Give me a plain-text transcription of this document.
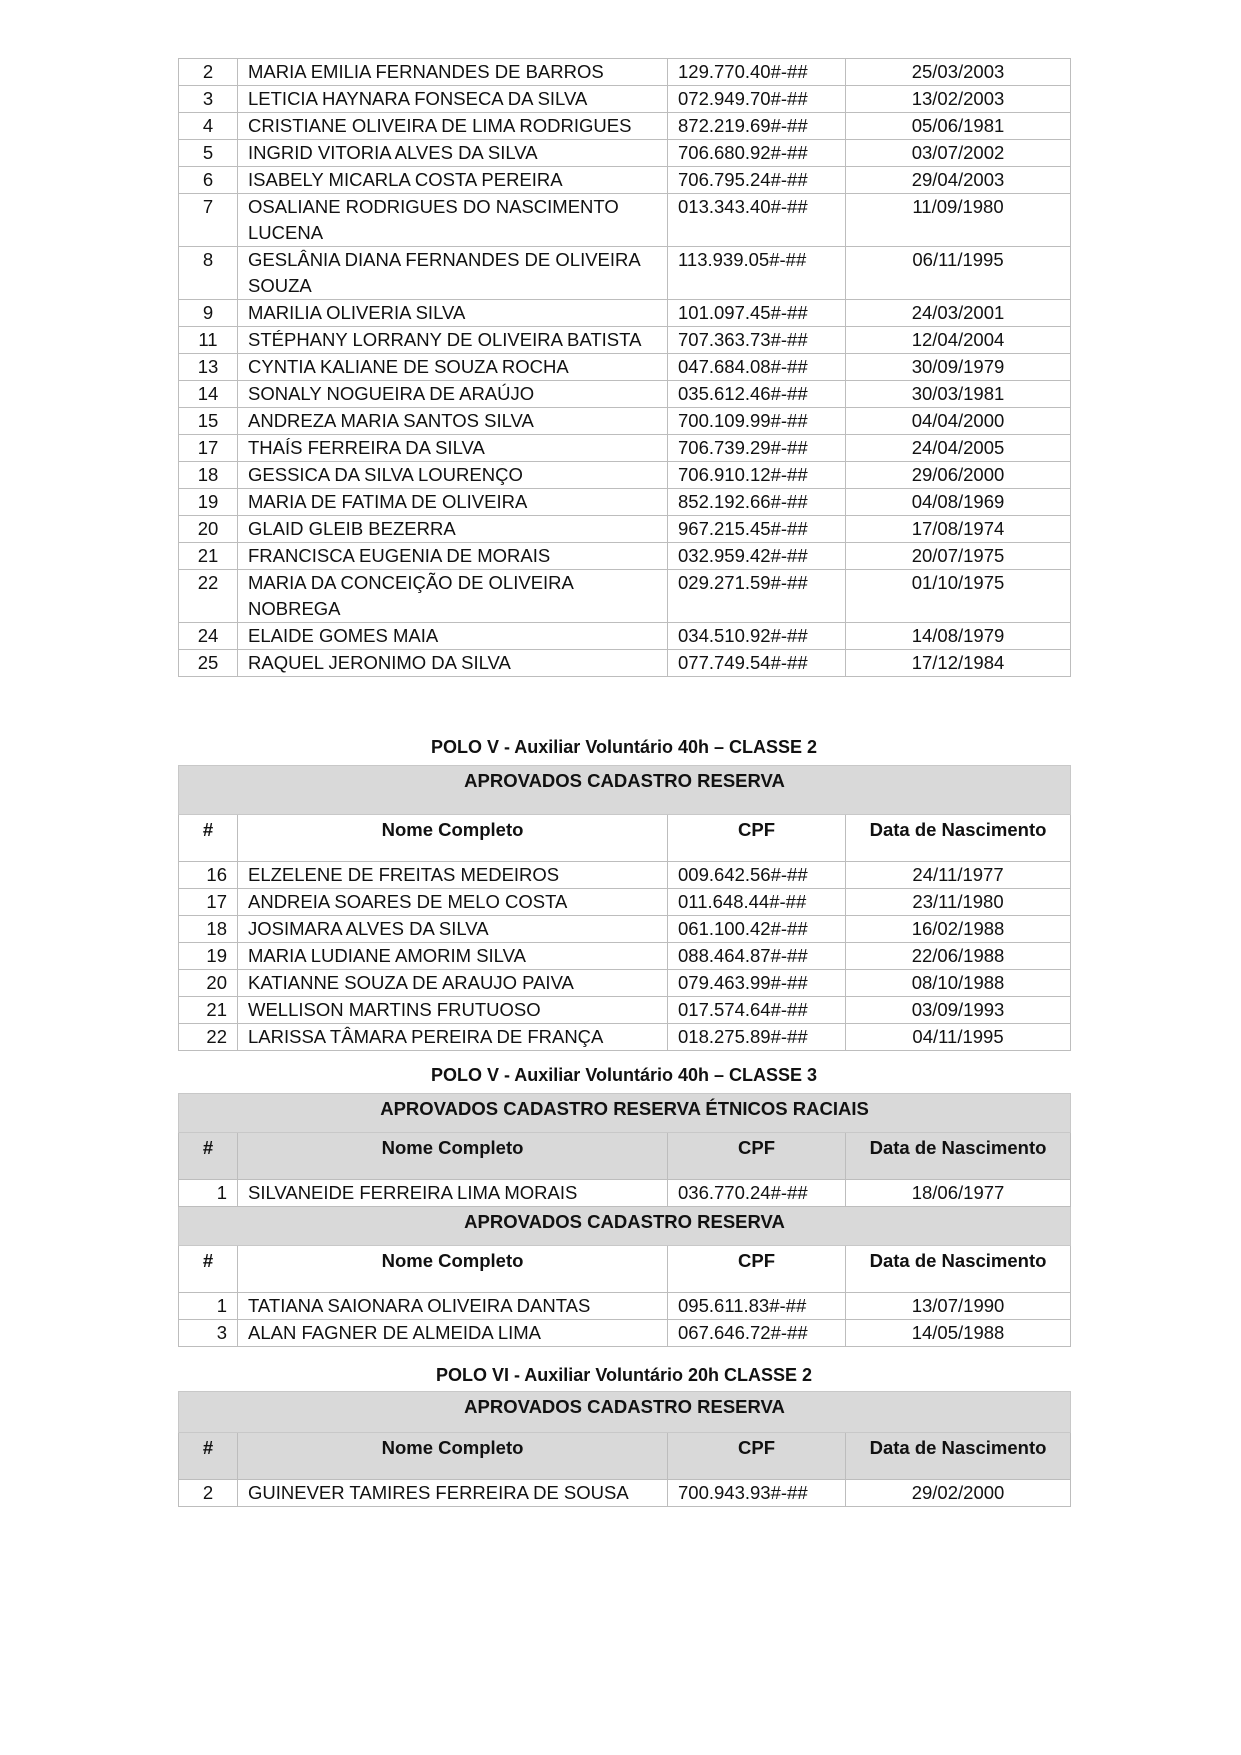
2	MARIA EMILIA FERNANDES DE BARROS	129.770.40#-##	25/03/2003
3	LETICIA HAYNARA FONSECA DA SILVA	072.949.70#-##	13/02/2003
4	CRISTIANE OLIVEIRA DE LIMA RODRIGUES	872.219.69#-##	05/06/1981
5	INGRID VITORIA ALVES DA SILVA	706.680.92#-##	03/07/2002
6	ISABELY MICARLA COSTA PEREIRA	706.795.24#-##	29/04/2003
7	OSALIANE RODRIGUES DO NASCIMENTO LUCENA	013.343.40#-##	11/09/1980
8	GESLÂNIA DIANA FERNANDES DE OLIVEIRA SOUZA	113.939.05#-##	06/11/1995
9	MARILIA OLIVERIA SILVA	101.097.45#-##	24/03/2001
11	STÉPHANY LORRANY DE OLIVEIRA BATISTA	707.363.73#-##	12/04/2004
13	CYNTIA KALIANE DE SOUZA ROCHA	047.684.08#-##	30/09/1979
14	SONALY NOGUEIRA DE ARAÚJO	035.612.46#-##	30/03/1981
15	ANDREZA MARIA SANTOS SILVA	700.109.99#-##	04/04/2000
17	THAÍS FERREIRA DA SILVA	706.739.29#-##	24/04/2005
18	GESSICA DA SILVA LOURENÇO	706.910.12#-##	29/06/2000
19	MARIA DE FATIMA DE OLIVEIRA	852.192.66#-##	04/08/1969
20	GLAID GLEIB BEZERRA	967.215.45#-##	17/08/1974
21	FRANCISCA EUGENIA DE MORAIS	032.959.42#-##	20/07/1975
22	MARIA DA CONCEIÇÃO DE OLIVEIRA NOBREGA	029.271.59#-##	01/10/1975
24	ELAIDE GOMES MAIA	034.510.92#-##	14/08/1979
25	RAQUEL JERONIMO DA SILVA	077.749.54#-##	17/12/1984
POLO V - Auxiliar Voluntário 40h – CLASSE 2
APROVADOS CADASTRO RESERVA			
#	Nome Completo	CPF	Data de Nascimento
16	ELZELENE DE FREITAS MEDEIROS	009.642.56#-##	24/11/1977
17	ANDREIA SOARES DE MELO COSTA	011.648.44#-##	23/11/1980
18	JOSIMARA ALVES DA SILVA	061.100.42#-##	16/02/1988
19	MARIA LUDIANE AMORIM SILVA	088.464.87#-##	22/06/1988
20	KATIANNE SOUZA DE ARAUJO PAIVA	079.463.99#-##	08/10/1988
21	WELLISON MARTINS FRUTUOSO	017.574.64#-##	03/09/1993
22	LARISSA TÂMARA PEREIRA DE FRANÇA	018.275.89#-##	04/11/1995
POLO V - Auxiliar Voluntário 40h – CLASSE 3
APROVADOS CADASTRO RESERVA ÉTNICOS RACIAIS			
#	Nome Completo	CPF	Data de Nascimento
1	SILVANEIDE FERREIRA LIMA MORAIS	036.770.24#-##	18/06/1977
APROVADOS CADASTRO RESERVA			
#	Nome Completo	CPF	Data de Nascimento
1	TATIANA SAIONARA OLIVEIRA DANTAS	095.611.83#-##	13/07/1990
3	ALAN FAGNER DE ALMEIDA LIMA	067.646.72#-##	14/05/1988
POLO VI - Auxiliar Voluntário 20h CLASSE 2
APROVADOS CADASTRO RESERVA			
#	Nome Completo	CPF	Data de Nascimento
2	GUINEVER TAMIRES FERREIRA DE SOUSA	700.943.93#-##	29/02/2000
